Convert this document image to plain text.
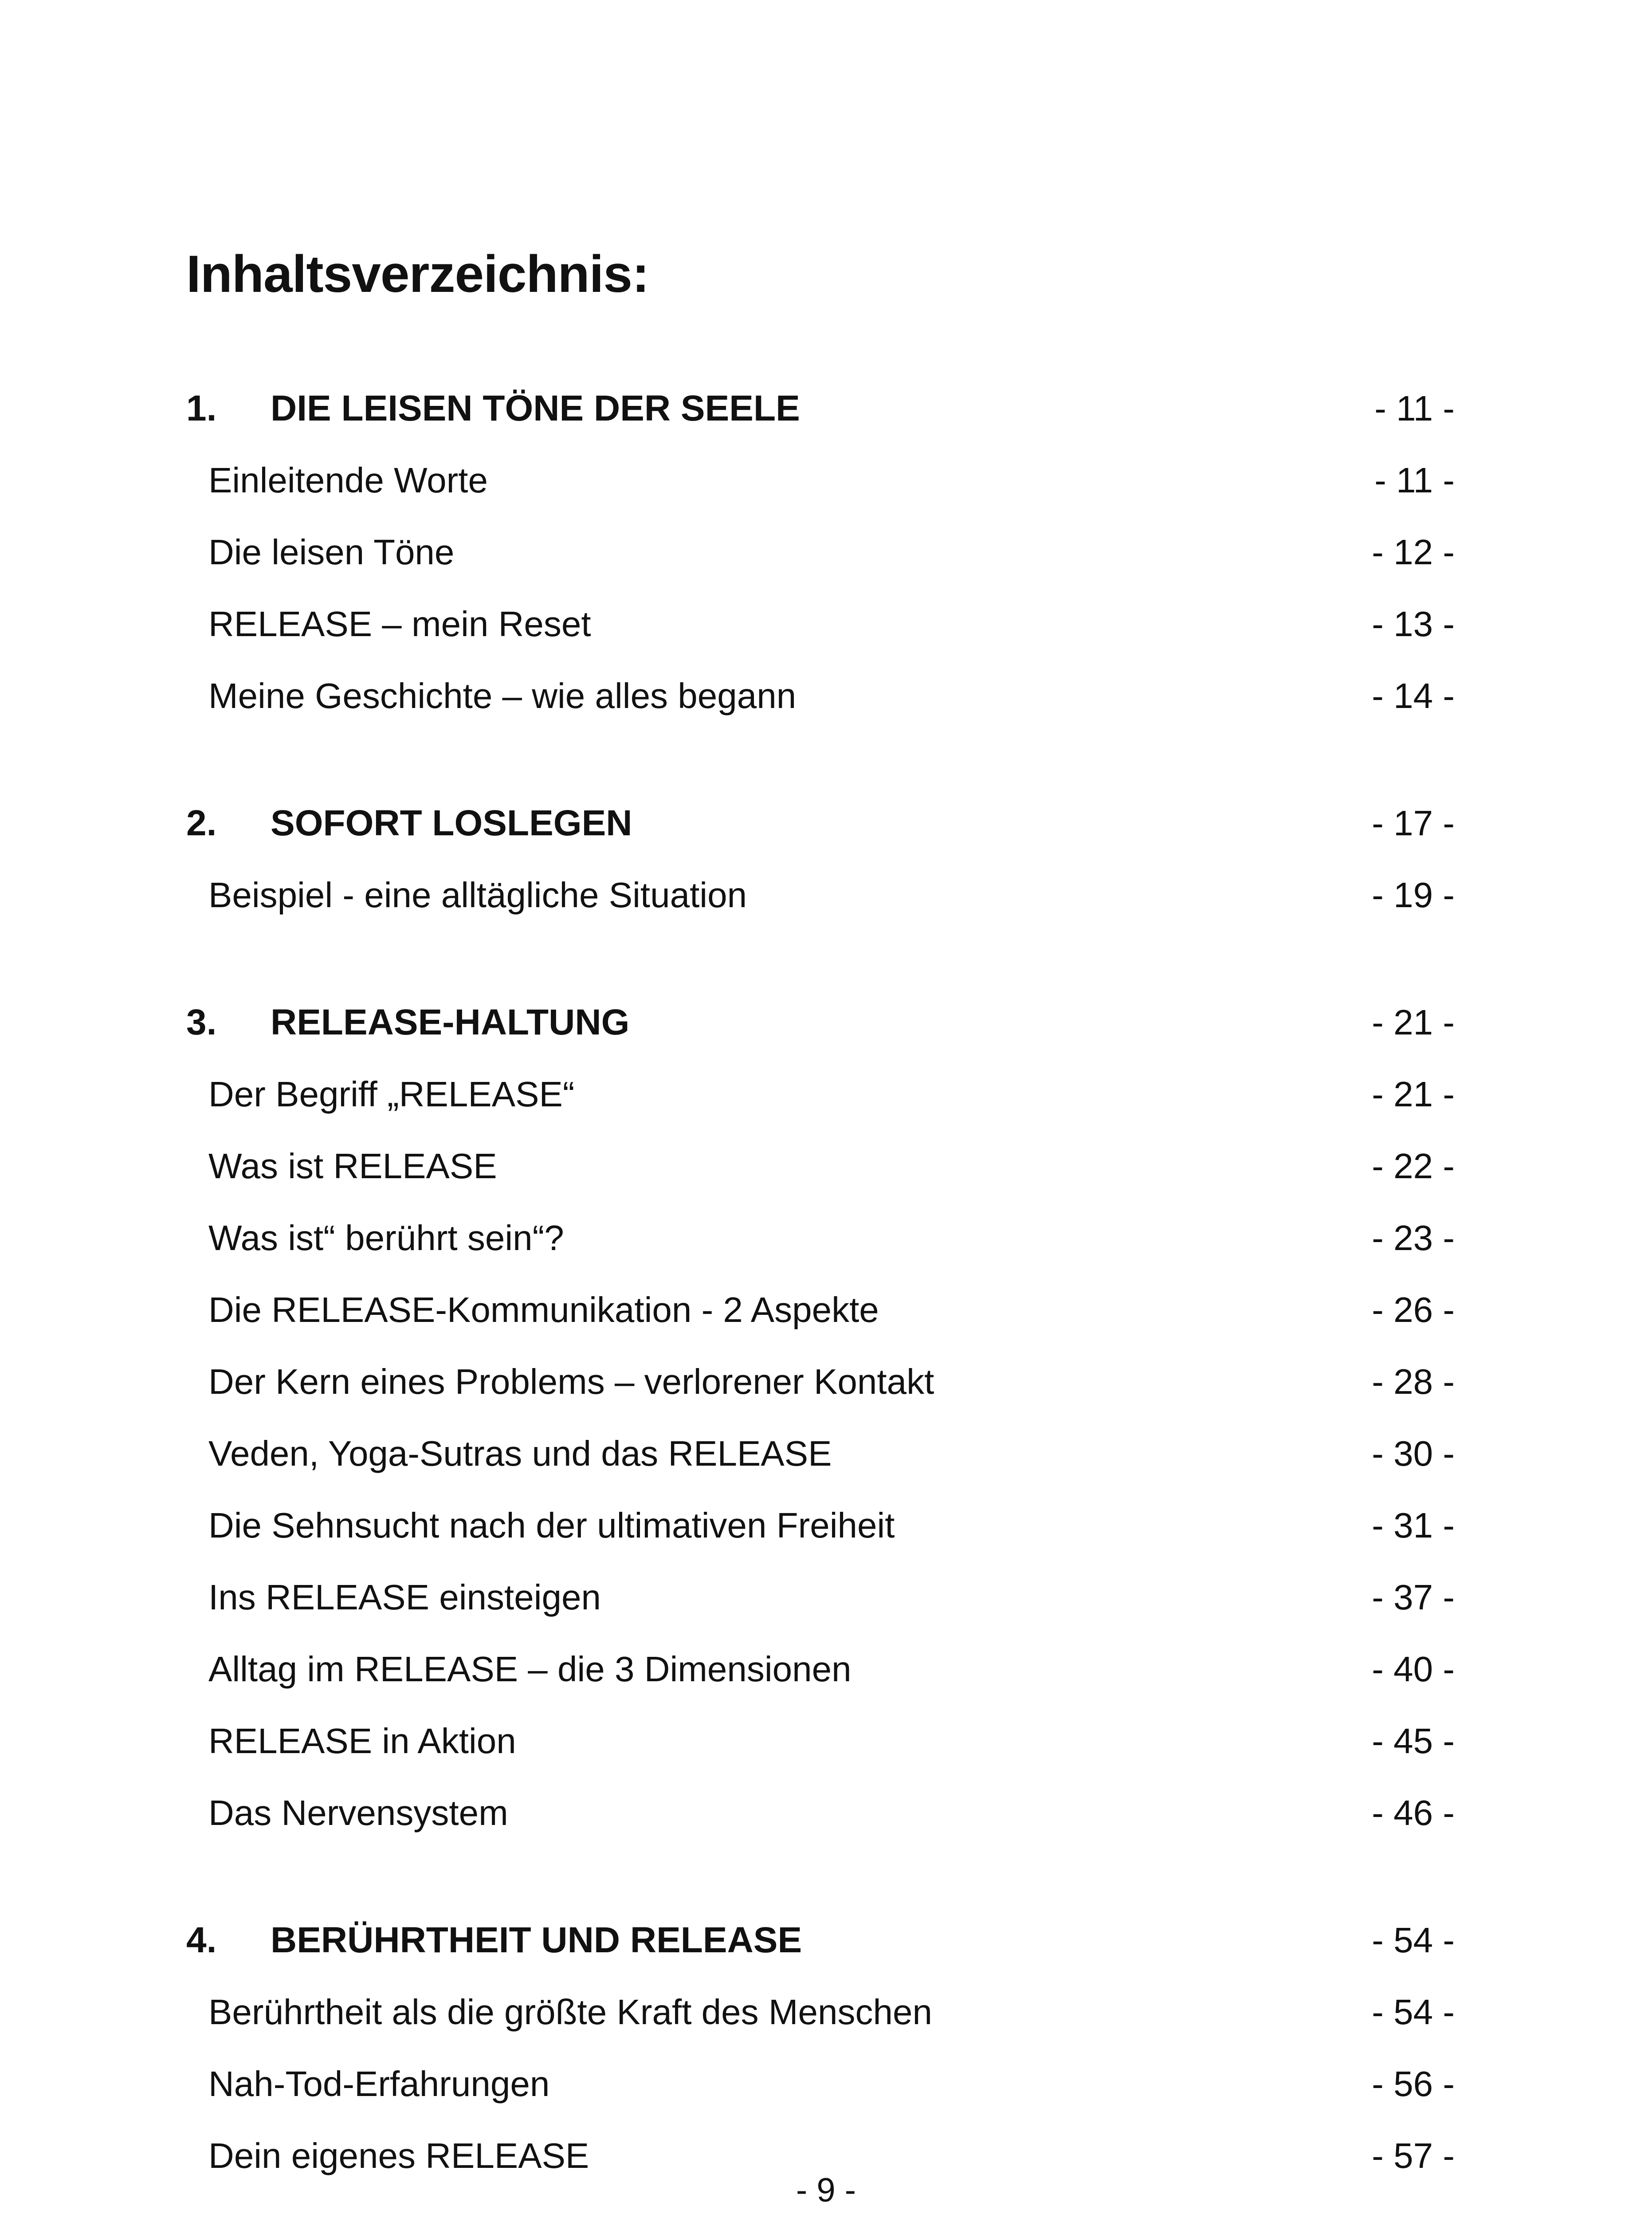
Inhaltsverzeichnis:
1. DIE LEISEN TÖNE DER SEELE	- 11 -
Einleitende Worte	- 11 -
Die leisen Töne	- 12 -
RELEASE – mein Reset	- 13 -
Meine Geschichte – wie alles begann	- 14 -
2. SOFORT LOSLEGEN	- 17 -
Beispiel - eine alltägliche Situation	- 19 -
3. RELEASE-HALTUNG	- 21 -
Der Begriff „RELEASE“	- 21 -
Was ist RELEASE	- 22 -
Was ist“ berührt sein“?	- 23 -
Die RELEASE-Kommunikation - 2 Aspekte	- 26 -
Der Kern eines Problems – verlorener Kontakt	- 28 -
Veden, Yoga-Sutras und das RELEASE	- 30 -
Die Sehnsucht nach der ultimativen Freiheit	- 31 -
Ins RELEASE einsteigen	- 37 -
Alltag im RELEASE – die 3 Dimensionen	- 40 -
RELEASE in Aktion	- 45 -
Das Nervensystem	- 46 -
4. BERÜHRTHEIT UND RELEASE	- 54 -
Berührtheit als die größte Kraft des Menschen	- 54 -
Nah-Tod-Erfahrungen	- 56 -
Dein eigenes RELEASE	- 57 -
- 9 -
